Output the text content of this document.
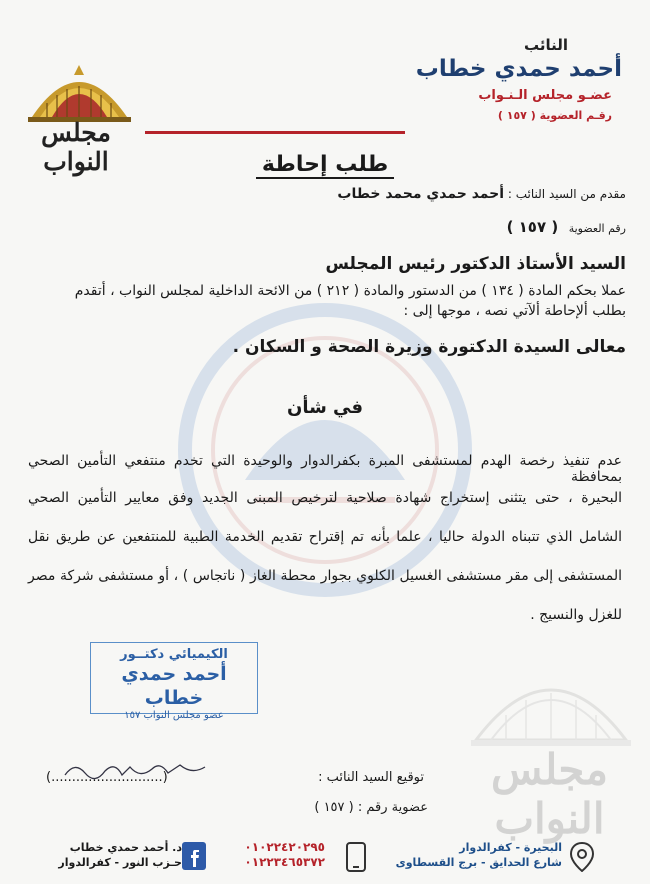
مجلس النواب
النائب
أحمد حمدي خطاب
عضـو مجلس الـنـواب
رقـم العضوية ( ١٥٧ )
طلب إحاطة
مقدم من السيد النائب : أحمد حمدي محمد خطاب
رقم العضوية   ( ١٥٧ )
السيد الأستاذ الدكتور رئيس المجلس
عملا بحكم المادة ( ١٣٤ ) من الدستور والمادة ( ٢١٢ ) من الائحة الداخلية لمجلس النواب ، أتقدم
بطلب ألإحاطة ألآتي نصه ، موجها إلى :
معالى السيدة الدكتورة وزيرة الصحة و السكان .
في شأن
عدم تنفيذ رخصة الهدم لمستشفى المبرة بكفرالدوار والوحيدة التي تخدم منتفعي التأمين الصحي بمحافظة
البحيرة ، حتى يتثنى إستخراج شهادة صلاحية لترخيص المبنى الجديد وفق معايير التأمين الصحي
الشامل الذي تتبناه الدولة حاليا ، علما بأنه تم إقتراح تقديم الخدمة الطبية للمنتفعين عن طريق نقل
المستشفى إلى مقر مستشفى الغسيل الكلوي بجوار محطة الغاز ( ناتجاس ) ، أو مستشفى شركة مصر
للغزل والنسيج .
الكيميائي دكتــور
أحمد حمدي خطاب
عضو مجلس النواب ١٥٧
مجلس النواب
توقيع السيد النائب :
(...........................)
عضوية رقم : ( ١٥٧ )
البحيرة - كفرالدوار
شارع الحدايق - برج القسطاوى
٠١٠٢٢٤٢٠٢٩٥
٠١٢٢٣٤٦٥٣٧٢
د. أحمد حمدي خطاب
حـزب النور - كفرالدوار
